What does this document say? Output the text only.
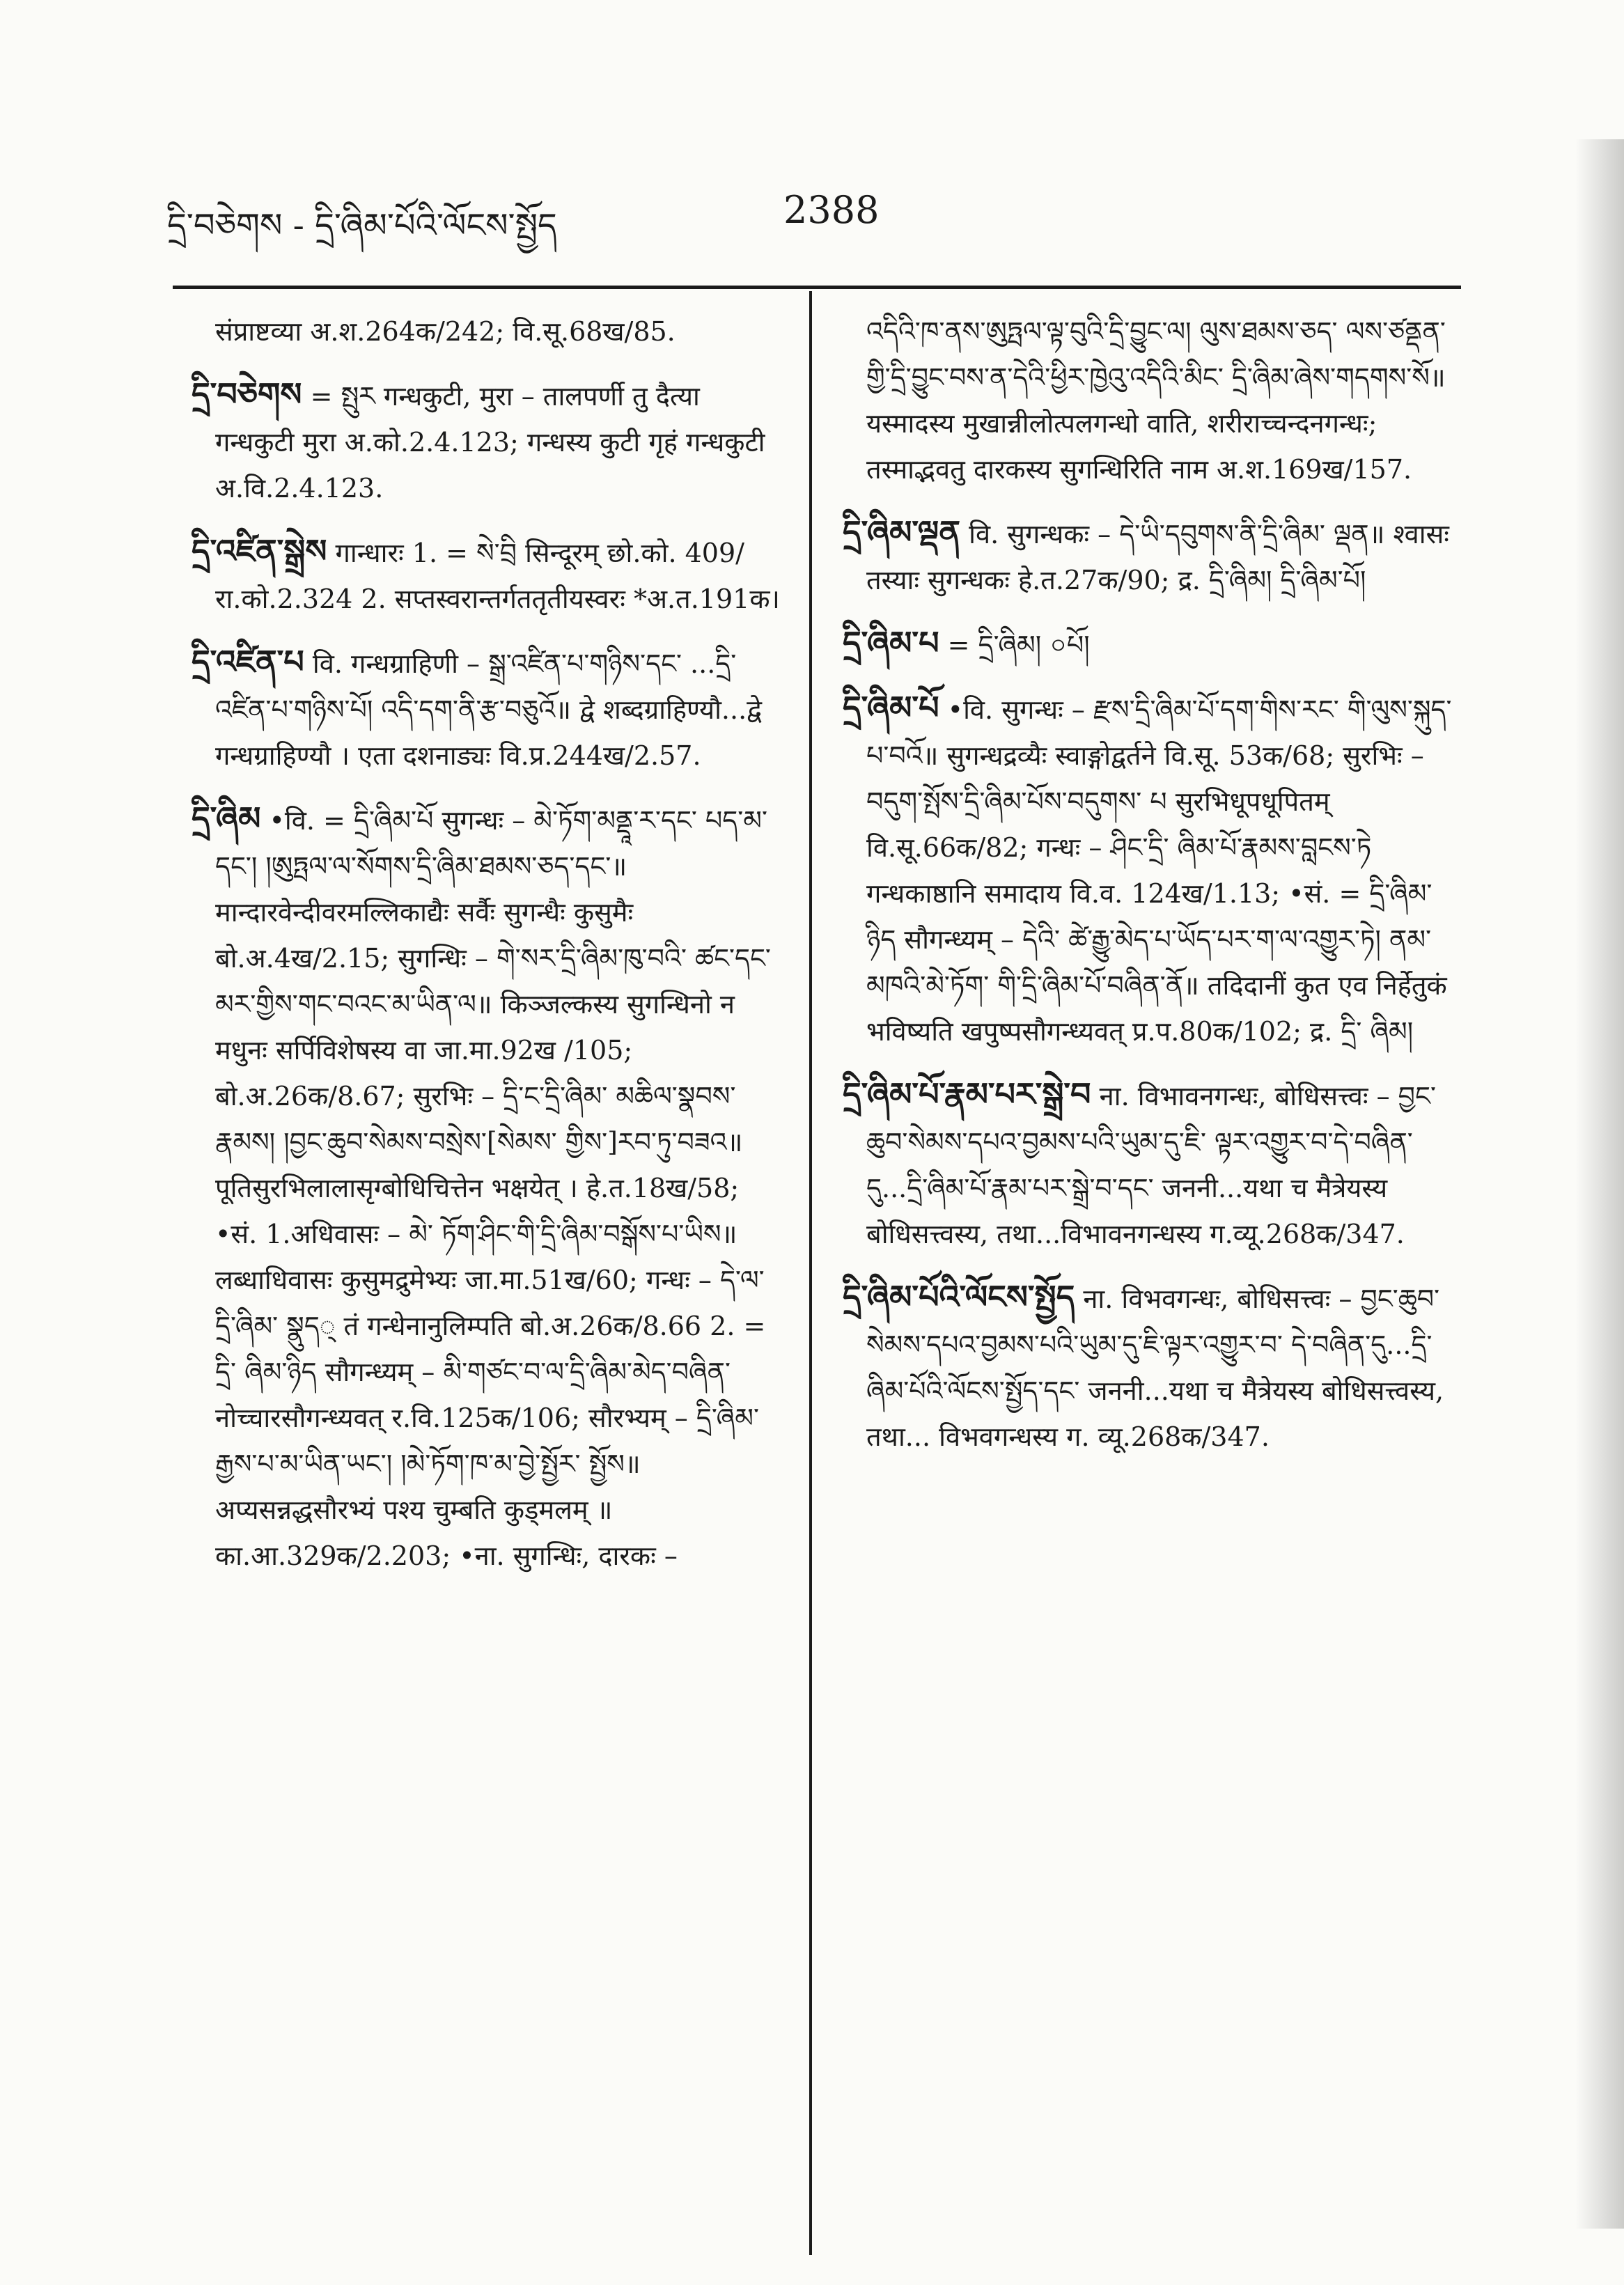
དྲི་བཅེགས - དྲི་ཞིམ་པོའི་ལོངས་སྤྱོད	2388

संप्राष्टव्या अ.श.264क/242; वि.सू.68ख/85.

དྲི་བཅེགས = སྤུར गन्धकुटी, मुरा – तालपर्णी तु दैत्या गन्धकुटी मुरा अ.को.2.4.123; गन्धस्य कुटी गृहं गन्धकुटी अ.वि.2.4.123.

དྲི་འཛིན་སྒྲེས गान्धारः 1. = སེ་བྲི सिन्दूरम् छो.को. 409/रा.को.2.324 2. सप्तस्वरान्तर्गततृतीयस्वरः *अ.त.191क।

དྲི་འཛིན་པ वि. गन्धग्राहिणी – སྒྲ་འཛིན་པ་གཉིས་དང་ ...དྲི་འཛིན་པ་གཉིས་པོ། འདི་དག་ནི་རྩ་བཅུའོ॥ द्वे शब्दग्राहिण्यौ...द्वे गन्धग्राहिण्यौ । एता दशनाड्यः वि.प्र.244ख/2.57.

དྲི་ཞིམ •वि. = དྲི་ཞིམ་པོ सुगन्धः – མེ་ཏོག་མནྡཱ་ར་དང་ པད་མ་དང་། །ཨུཏྤལ་ལ་སོགས་དྲི་ཞིམ་ཐམས་ཅད་དང་॥ मान्दारवेन्दीवरमल्लिकाद्यैः सर्वैः सुगन्धैः कुसुमैः बो.अ.4ख/2.15; सुगन्धिः – གེ་སར་དྲི་ཞིམ་ཁུ་བའི་ ཚང་དང་མར་གྱིས་གང་བའང་མ་ཡིན་ལ॥ किञ्जल्कस्य सुगन्धिनो न मधुनः सर्पिविशेषस्य वा जा.मा.92ख /105; बो.अ.26क/8.67; सुरभिः – དྲི་ང་དྲི་ཞིམ་ མཆིལ་སྣབས་རྣམས། །བྱང་ཆུབ་སེམས་བསྲེས་[སེམས་ གྱིས་]རབ་ཏུ་བཟའ॥ पूतिसुरभिलालासृग्बोधिचित्तेन भक्षयेत् । हे.त.18ख/58; •सं. 1.अधिवासः – མེ་ ཏོག་ཤིང་གི་དྲི་ཞིམ་བསྒོས་པ་ཡིས॥ लब्धाधिवासः कुसुमद्रुमेभ्यः जा.मा.51ख/60; गन्धः – དེ་ལ་དྲི་ཞིམ་ སྣུད् तं गन्धेनानुलिम्पति बो.अ.26क/8.66 2. = དྲི་ ཞིམ་ཉིད सौगन्ध्यम् – མི་གཙང་བ་ལ་དྲི་ཞིམ་མེད་བཞིན་ नोच्चारसौगन्ध्यवत् र.वि.125क/106; सौरभ्यम् – དྲི་ཞིམ་རྒྱས་པ་མ་ཡིན་ཡང་། །མེ་ཏོག་ཁ་མ་བྱེ་སྤྱོར་ སྤྱོས॥ अप्यसन्नद्धसौरभ्यं पश्य चुम्बति कुड्मलम् ॥ का.आ.329क/2.203; •ना. सुगन्धिः, दारकः –

འདིའི་ཁ་ནས་ཨུཏྤལ་ལྟ་བུའི་དྲི་བྱུང་ལ། ལུས་ཐམས་ཅད་ ལས་ཙནྡན་གྱི་དྲི་བྱུང་བས་ན་དེའི་ཕྱིར་ཁྱེའུ་འདིའི་མིང་ དྲི་ཞིམ་ཞེས་གདགས་སོ॥ यस्मादस्य मुखान्नीलोत्पलगन्धो वाति, शरीराच्चन्दनगन्धः; तस्माद्भवतु दारकस्य सुगन्धिरिति नाम अ.श.169ख/157.

དྲི་ཞིམ་ལྡན वि. सुगन्धकः – དེ་ཡི་དབུགས་ནི་དྲི་ཞིམ་ ལྡན॥ श्वासः तस्याः सुगन्धकः हे.त.27क/90; द्र. དྲི་ཞིམ། དྲི་ཞིམ་པོ།

དྲི་ཞིམ་པ = དྲི་ཞིམ། ০པོ།

དྲི་ཞིམ་པོ •वि. सुगन्धः – རྫས་དྲི་ཞིམ་པོ་དག་གིས་རང་ གི་ལུས་སྐུད་པ་བའོ॥ सुगन्धद्रव्यैः स्वाङ्गोद्वर्तने वि.सू. 53क/68; सुरभिः – བདུག་སྤོས་དྲི་ཞིམ་པོས་བདུགས་ པ सुरभिधूपधूपितम् वि.सू.66क/82; गन्धः – ཤིང་དྲི་ ཞིམ་པོ་རྣམས་བླངས་ཏེ गन्धकाष्ठानि समादाय वि.व. 124ख/1.13; •सं. = དྲི་ཞིམ་ཉིད सौगन्ध्यम् – དེའི་ ཚེ་རྒྱུ་མེད་པ་ཡོད་པར་ག་ལ་འགྱུར་ཏེ། ནམ་མཁའི་མེ་ཏོག་ གི་དྲི་ཞིམ་པོ་བཞིན་ནོ॥ तदिदानीं कुत एव निर्हेतुकं भविष्यति खपुष्पसौगन्ध्यवत् प्र.प.80क/102; द्र. དྲི་ ཞིམ།

དྲི་ཞིམ་པོ་རྣམ་པར་སྒྲེ་བ ना. विभावनगन्धः, बोधिसत्त्वः – བྱང་ཆུབ་སེམས་དཔའ་བྱམས་པའི་ཡུམ་དུ་ཇི་ ལྟར་འགྱུར་བ་དེ་བཞིན་དུ...དྲི་ཞིམ་པོ་རྣམ་པར་སྒྲེ་བ་དང་ जननी...यथा च मैत्रेयस्य बोधिसत्त्वस्य, तथा...विभावनगन्धस्य ग.व्यू.268क/347.

དྲི་ཞིམ་པོའི་ལོངས་སྤྱོད ना. विभवगन्धः, बोधिसत्त्वः – བྱང་ཆུབ་སེམས་དཔའ་བྱམས་པའི་ཡུམ་དུ་ཇི་ལྟར་འགྱུར་བ་ དེ་བཞིན་དུ...དྲི་ཞིམ་པོའི་ལོངས་སྤྱོད་དང་ जननी...यथा च मैत्रेयस्य बोधिसत्त्वस्य, तथा... विभवगन्धस्य ग. व्यू.268क/347.
